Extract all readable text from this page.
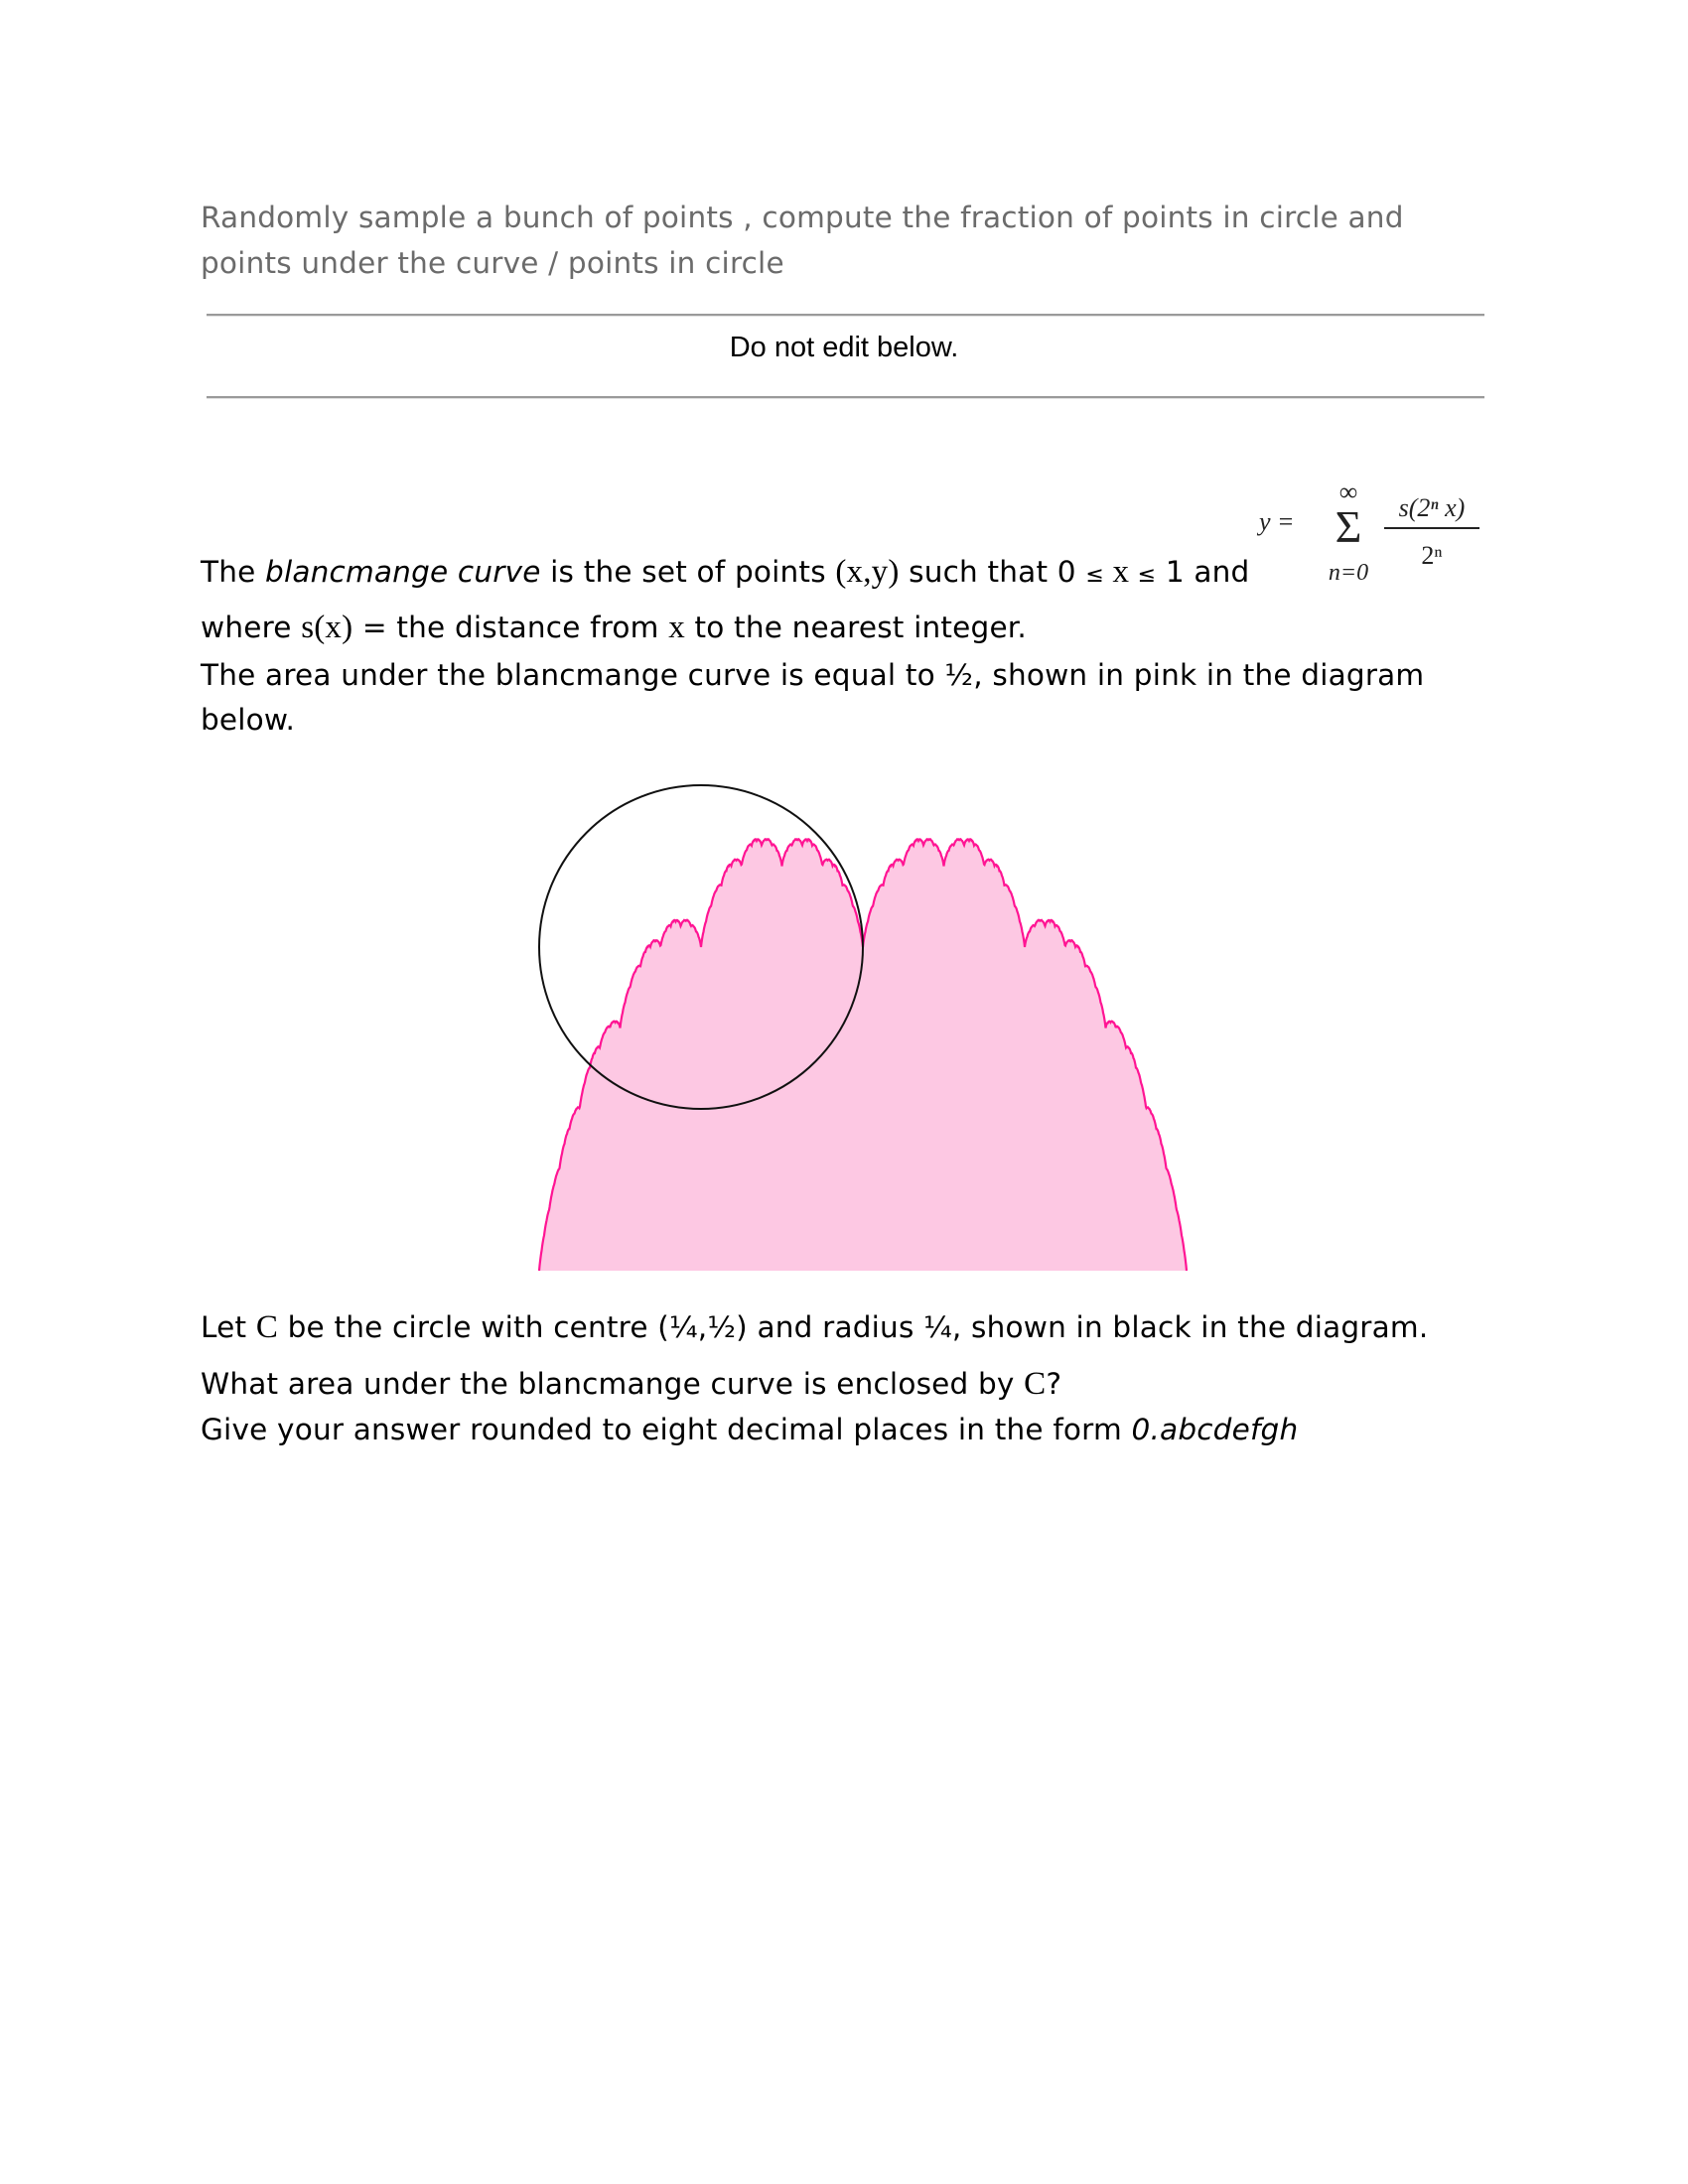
Randomly sample a bunch of points , compute the fraction of points in circle and
points under the curve / points in circle
Do not edit below.
y =
∞
Σ
n=0
s(2ⁿ x)
2ⁿ
The blancmange curve is the set of points (x,y) such that 0 ≤ x ≤ 1 and
where s(x) = the distance from x to the nearest integer.
The area under the blancmange curve is equal to ½, shown in pink in the diagram
below.
Let C be the circle with centre (¼,½) and radius ¼, shown in black in the diagram.
What area under the blancmange curve is enclosed by C?
Give your answer rounded to eight decimal places in the form 0.abcdefgh
